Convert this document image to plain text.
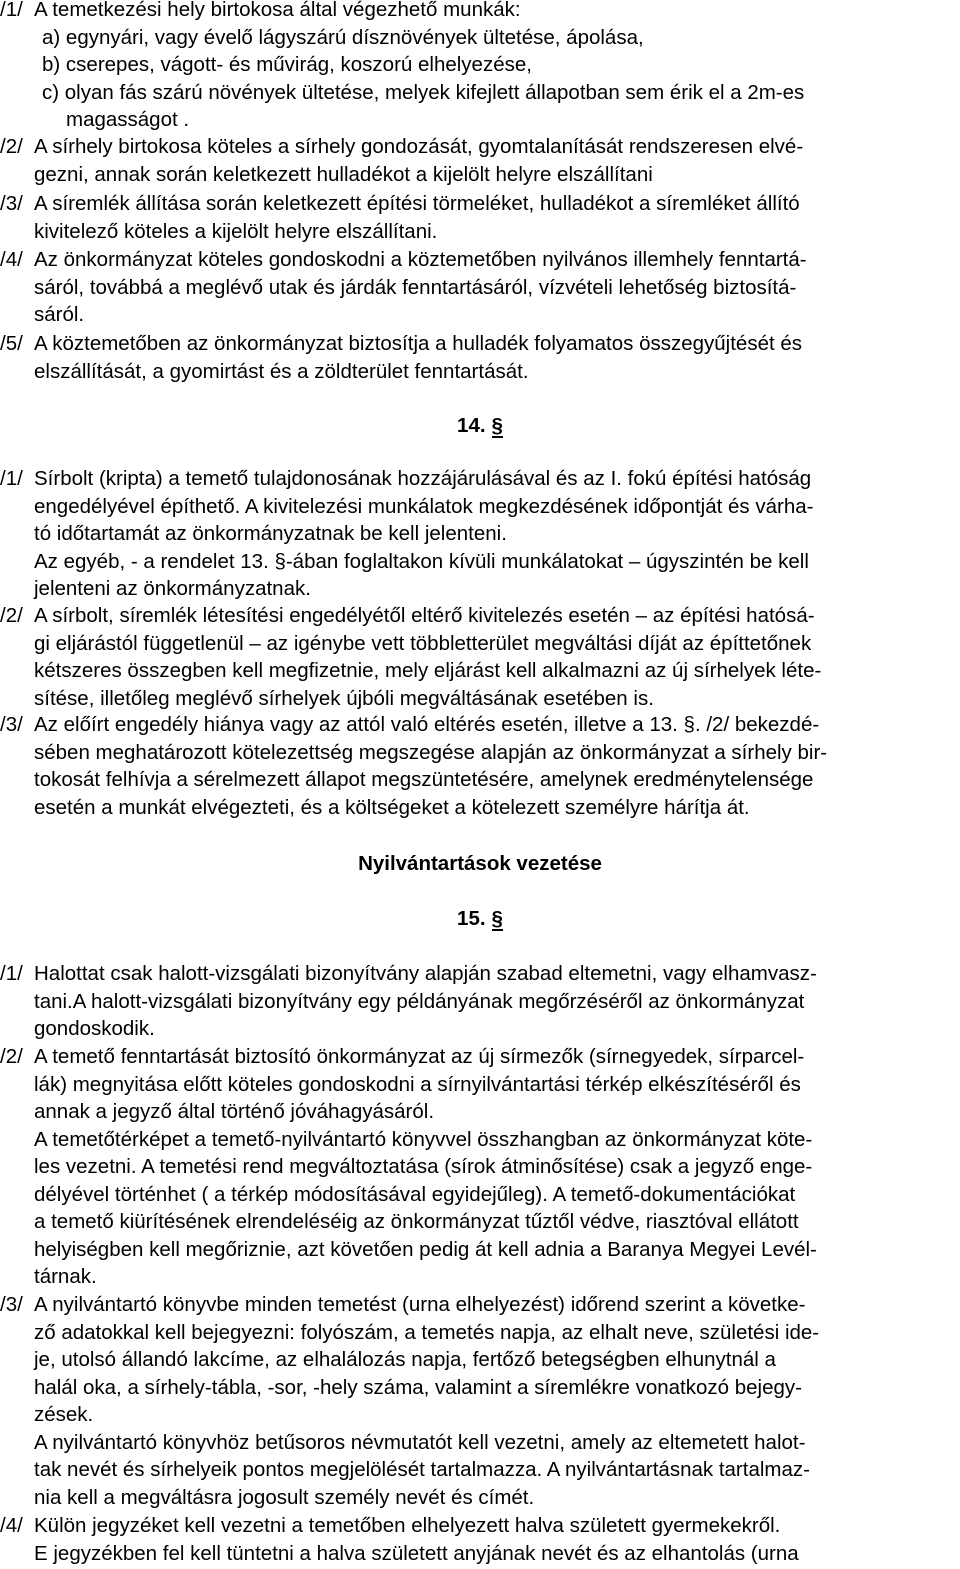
/1/ A temetkezési hely birtokosa által végezhető munkák:
a) egynyári, vagy évelő lágyszárú dísznövények ültetése, ápolása,
b) cserepes, vágott- és művirág, koszorú elhelyezése,
c) olyan fás szárú növények ültetése, melyek kifejlett állapotban sem érik el a 2m-es
magasságot .
/2/ A sírhely birtokosa köteles a sírhely gondozását, gyomtalanítását rendszeresen elvé-
gezni, annak során keletkezett hulladékot a kijelölt helyre elszállítani
/3/ A síremlék állítása során keletkezett építési törmeléket, hulladékot a síremléket állító
kivitelező köteles a kijelölt helyre elszállítani.
/4/ Az önkormányzat köteles gondoskodni a köztemetőben nyilvános illemhely fenntartá-
sáról, továbbá a meglévő utak és járdák fenntartásáról, vízvételi lehetőség biztosítá-
sáról.
/5/ A köztemetőben az önkormányzat biztosítja a hulladék folyamatos összegyűjtését és
elszállítását, a gyomirtást és a zöldterület fenntartását.
14. §
/1/ Sírbolt (kripta) a temető tulajdonosának hozzájárulásával és az I. fokú építési hatóság
engedélyével építhető. A kivitelezési munkálatok megkezdésének időpontját és várha-
tó időtartamát az önkormányzatnak be kell jelenteni.
Az egyéb, - a rendelet 13. §-ában foglaltakon kívüli munkálatokat – úgyszintén be kell
jelenteni az önkormányzatnak.
/2/ A sírbolt, síremlék létesítési engedélyétől eltérő kivitelezés esetén – az építési hatósá-
gi eljárástól függetlenül – az igénybe vett többletterület megváltási díját az építtetőnek
kétszeres összegben kell megfizetnie, mely eljárást kell alkalmazni az új sírhelyek léte-
sítése, illetőleg meglévő sírhelyek újbóli megváltásának esetében is.
/3/ Az előírt engedély hiánya vagy az attól való eltérés esetén, illetve a 13. §. /2/ bekezdé-
sében meghatározott kötelezettség megszegése alapján az önkormányzat a sírhely bir-
tokosát felhívja a sérelmezett állapot megszüntetésére, amelynek eredménytelensége
esetén a munkát elvégezteti, és a költségeket a kötelezett személyre hárítja át.
Nyilvántartások vezetése
15. §
/1/ Halottat csak halott-vizsgálati bizonyítvány alapján szabad eltemetni, vagy elhamvasz-
tani.A halott-vizsgálati bizonyítvány egy példányának megőrzéséről az önkormányzat
gondoskodik.
/2/ A temető fenntartását biztosító önkormányzat az új sírmezők (sírnegyedek, sírparcel-
lák) megnyitása előtt köteles gondoskodni a sírnyilvántartási térkép elkészítéséről és
annak a jegyző által történő jóváhagyásáról.
A temetőtérképet a temető-nyilvántartó könyvvel összhangban az önkormányzat köte-
les vezetni. A temetési rend megváltoztatása (sírok átminősítése) csak a jegyző enge-
délyével történhet ( a térkép módosításával egyidejűleg). A temető-dokumentációkat
a temető kiürítésének elrendeléséig az önkormányzat tűztől védve, riasztóval ellátott
helyiségben kell megőriznie, azt követően pedig át kell adnia a Baranya Megyei Levél-
tárnak.
/3/ A nyilvántartó könyvbe minden temetést (urna elhelyezést) időrend szerint a követke-
ző adatokkal kell bejegyezni: folyószám, a temetés napja, az elhalt neve, születési ide-
je, utolsó állandó lakcíme, az elhalálozás napja, fertőző betegségben elhunytnál a
halál oka, a sírhely-tábla, -sor, -hely száma, valamint a síremlékre vonatkozó bejegy-
zések.
A nyilvántartó könyvhöz betűsoros névmutatót kell vezetni, amely az eltemetett halot-
tak nevét és sírhelyeik pontos megjelölését tartalmazza. A nyilvántartásnak tartalmaz-
nia kell a megváltásra jogosult személy nevét és címét.
/4/ Külön jegyzéket kell vezetni a temetőben elhelyezett halva született gyermekekről.
E jegyzékben fel kell tüntetni a halva született anyjának nevét és az elhantolás (urna
